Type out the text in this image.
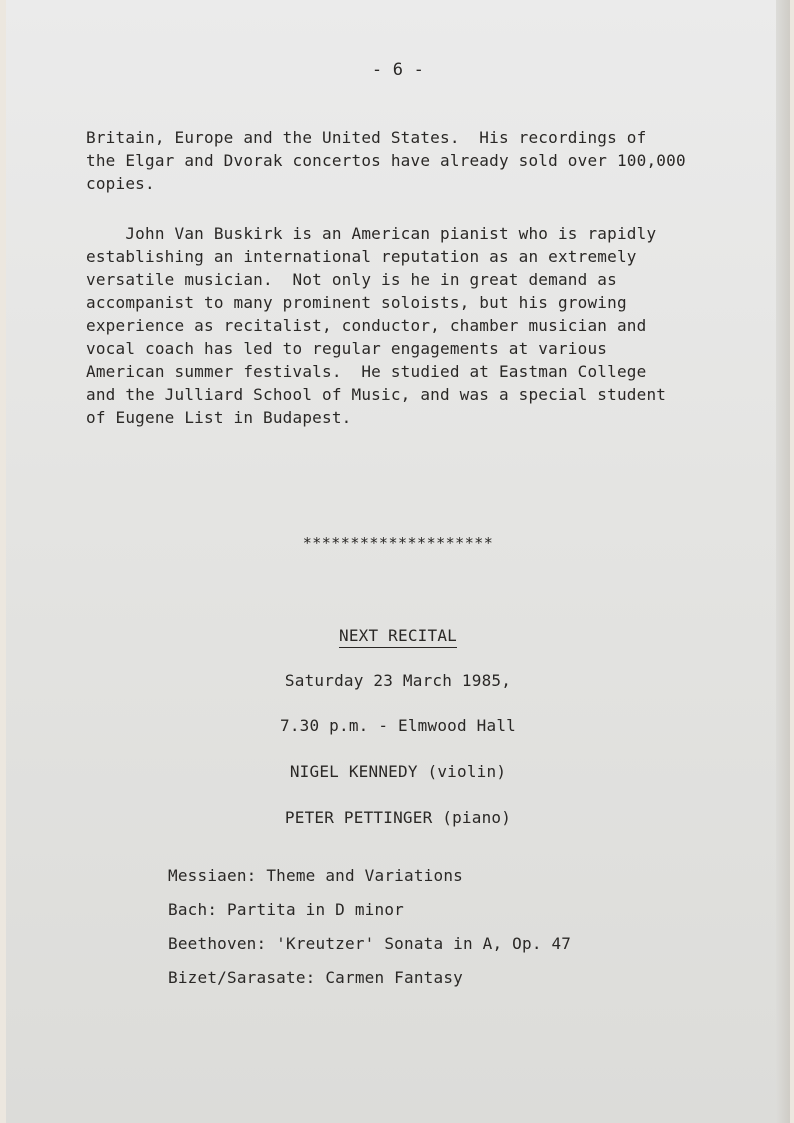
- 6 -
Britain, Europe and the United States.  His recordings of
the Elgar and Dvorak concertos have already sold over 100,000
copies.
John Van Buskirk is an American pianist who is rapidly
establishing an international reputation as an extremely
versatile musician.  Not only is he in great demand as
accompanist to many prominent soloists, but his growing
experience as recitalist, conductor, chamber musician and
vocal coach has led to regular engagements at various
American summer festivals.  He studied at Eastman College
and the Julliard School of Music, and was a special student
of Eugene List in Budapest.
********************
NEXT RECITAL
Saturday 23 March 1985,
7.30 p.m. - Elmwood Hall
NIGEL KENNEDY (violin)
PETER PETTINGER (piano)
Messiaen: Theme and Variations
Bach: Partita in D minor
Beethoven: 'Kreutzer' Sonata in A, Op. 47
Bizet/Sarasate: Carmen Fantasy
